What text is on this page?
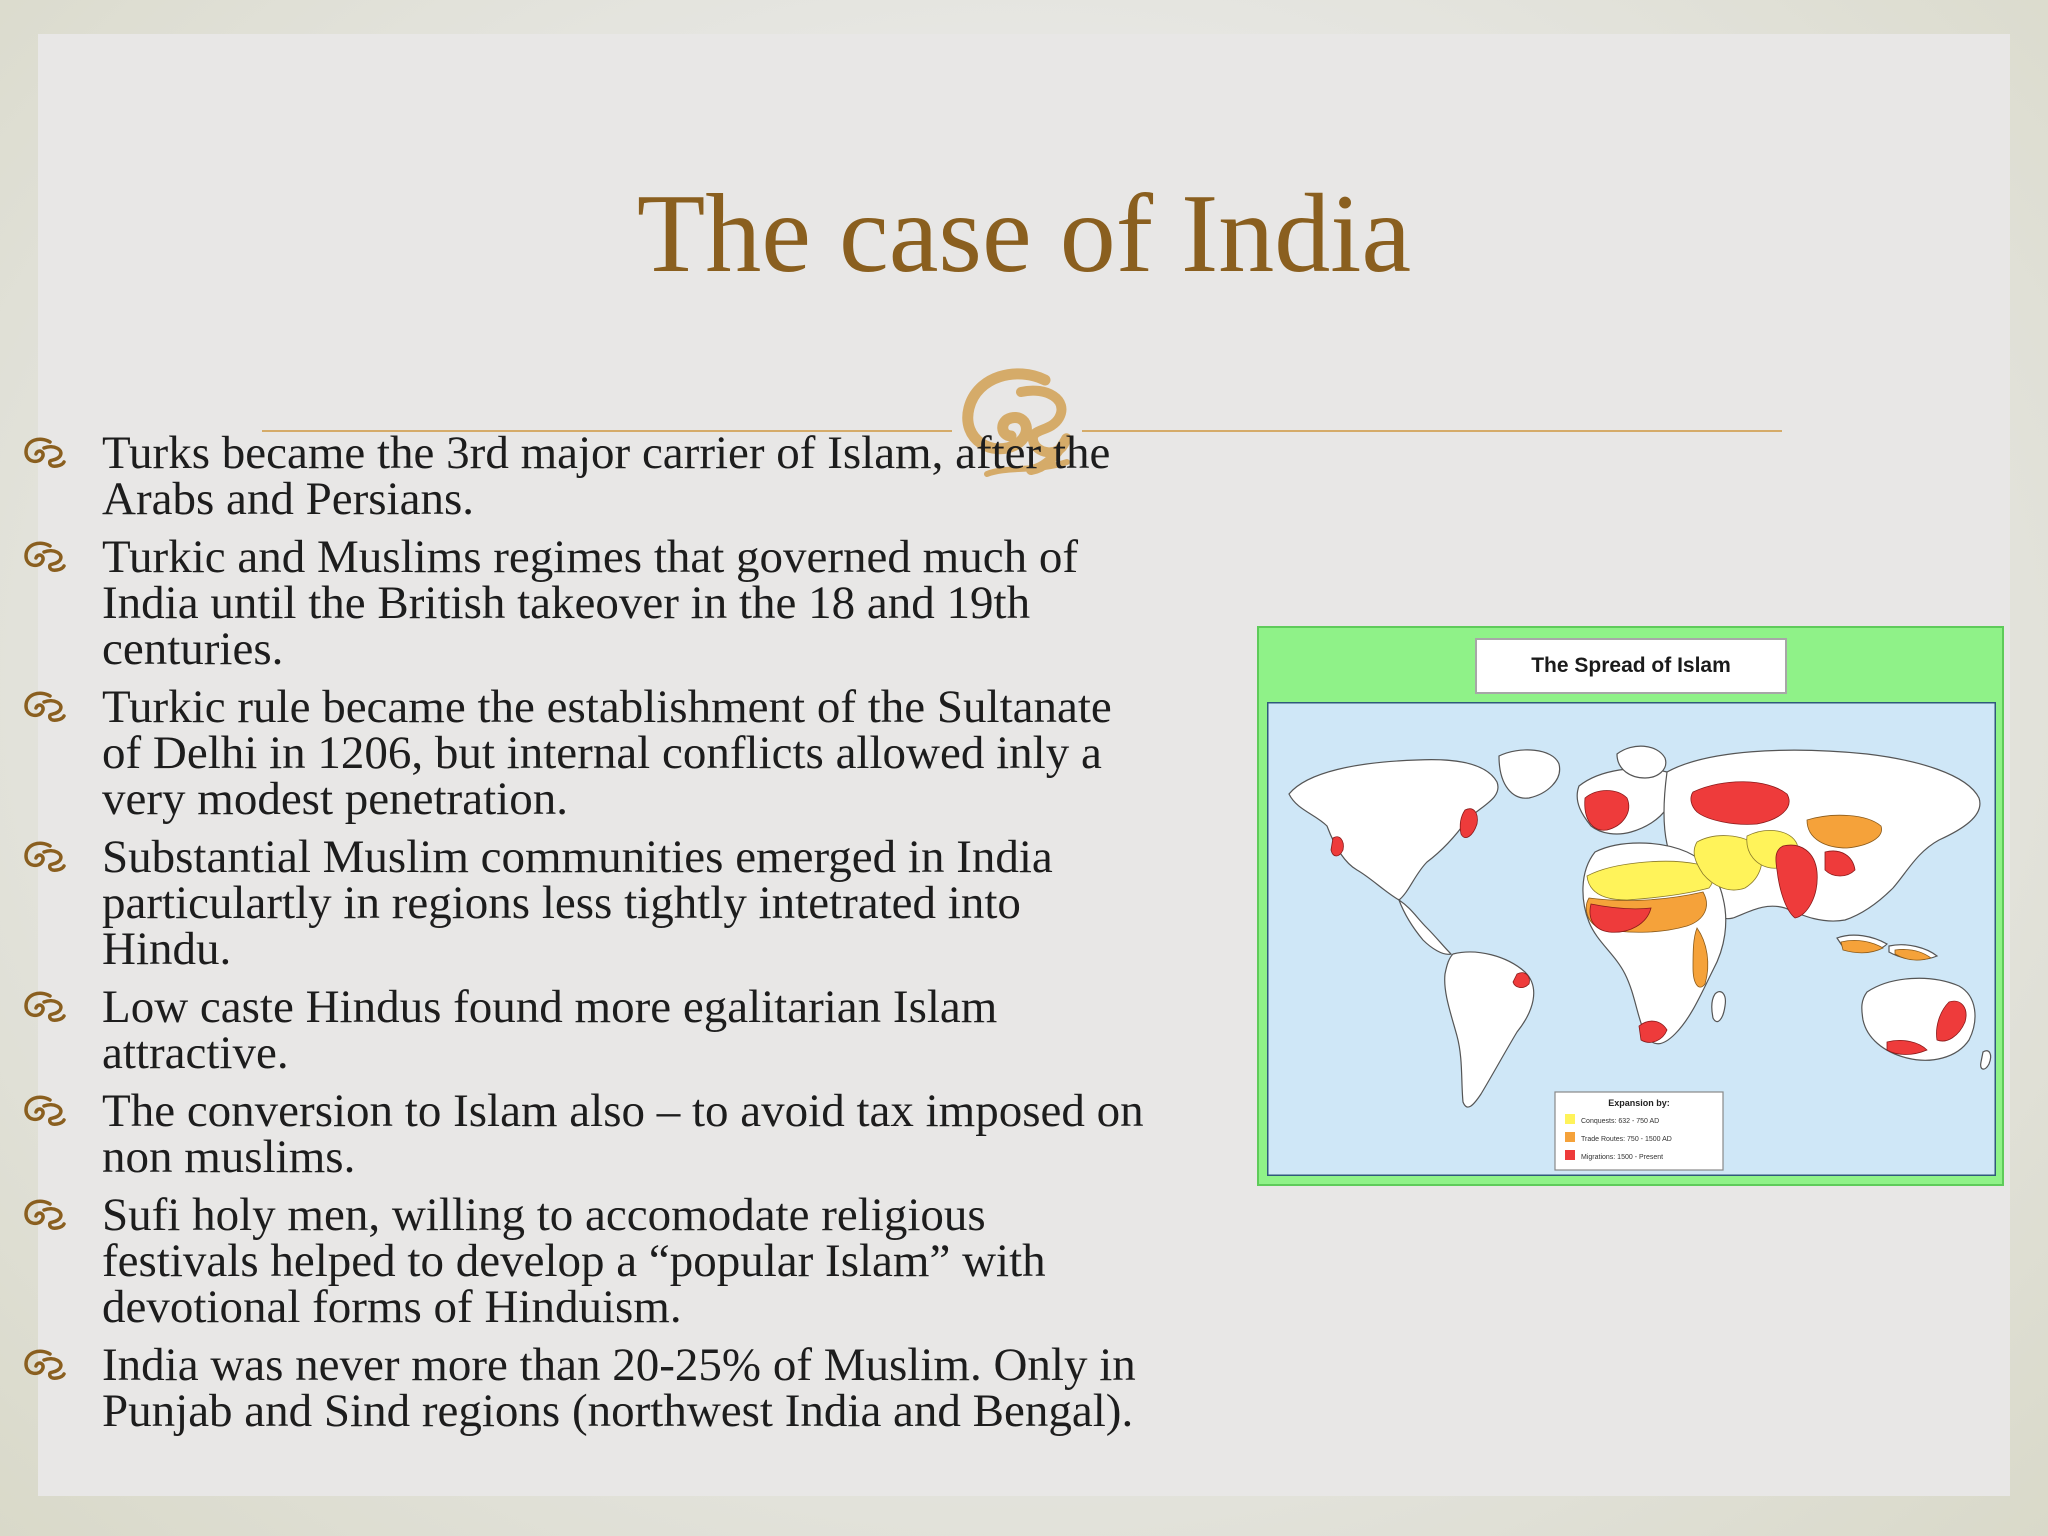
The case of India
Turks became the 3rd major carrier of Islam, after the
Arabs and Persians.
Turkic and Muslims regimes that governed much of
India until the British takeover in the 18 and 19th
centuries.
Turkic rule became the establishment of the Sultanate
of Delhi in 1206, but internal conflicts allowed inly a
very modest penetration.
Substantial Muslim communities emerged in India
particulartly in regions less tightly intetrated into
Hindu.
Low caste Hindus found more egalitarian Islam
attractive.
The conversion to Islam also – to avoid tax imposed on
non muslims.
Sufi holy men, willing to accomodate religious
festivals helped to develop a “popular Islam” with
devotional forms of Hinduism.
India was never more than 20-25% of Muslim. Only in
Punjab and Sind regions (northwest India and Bengal).
The Spread of Islam
Expansion by:
Conquests: 632 - 750 AD
Trade Routes: 750 - 1500 AD
Migrations: 1500 - Present
